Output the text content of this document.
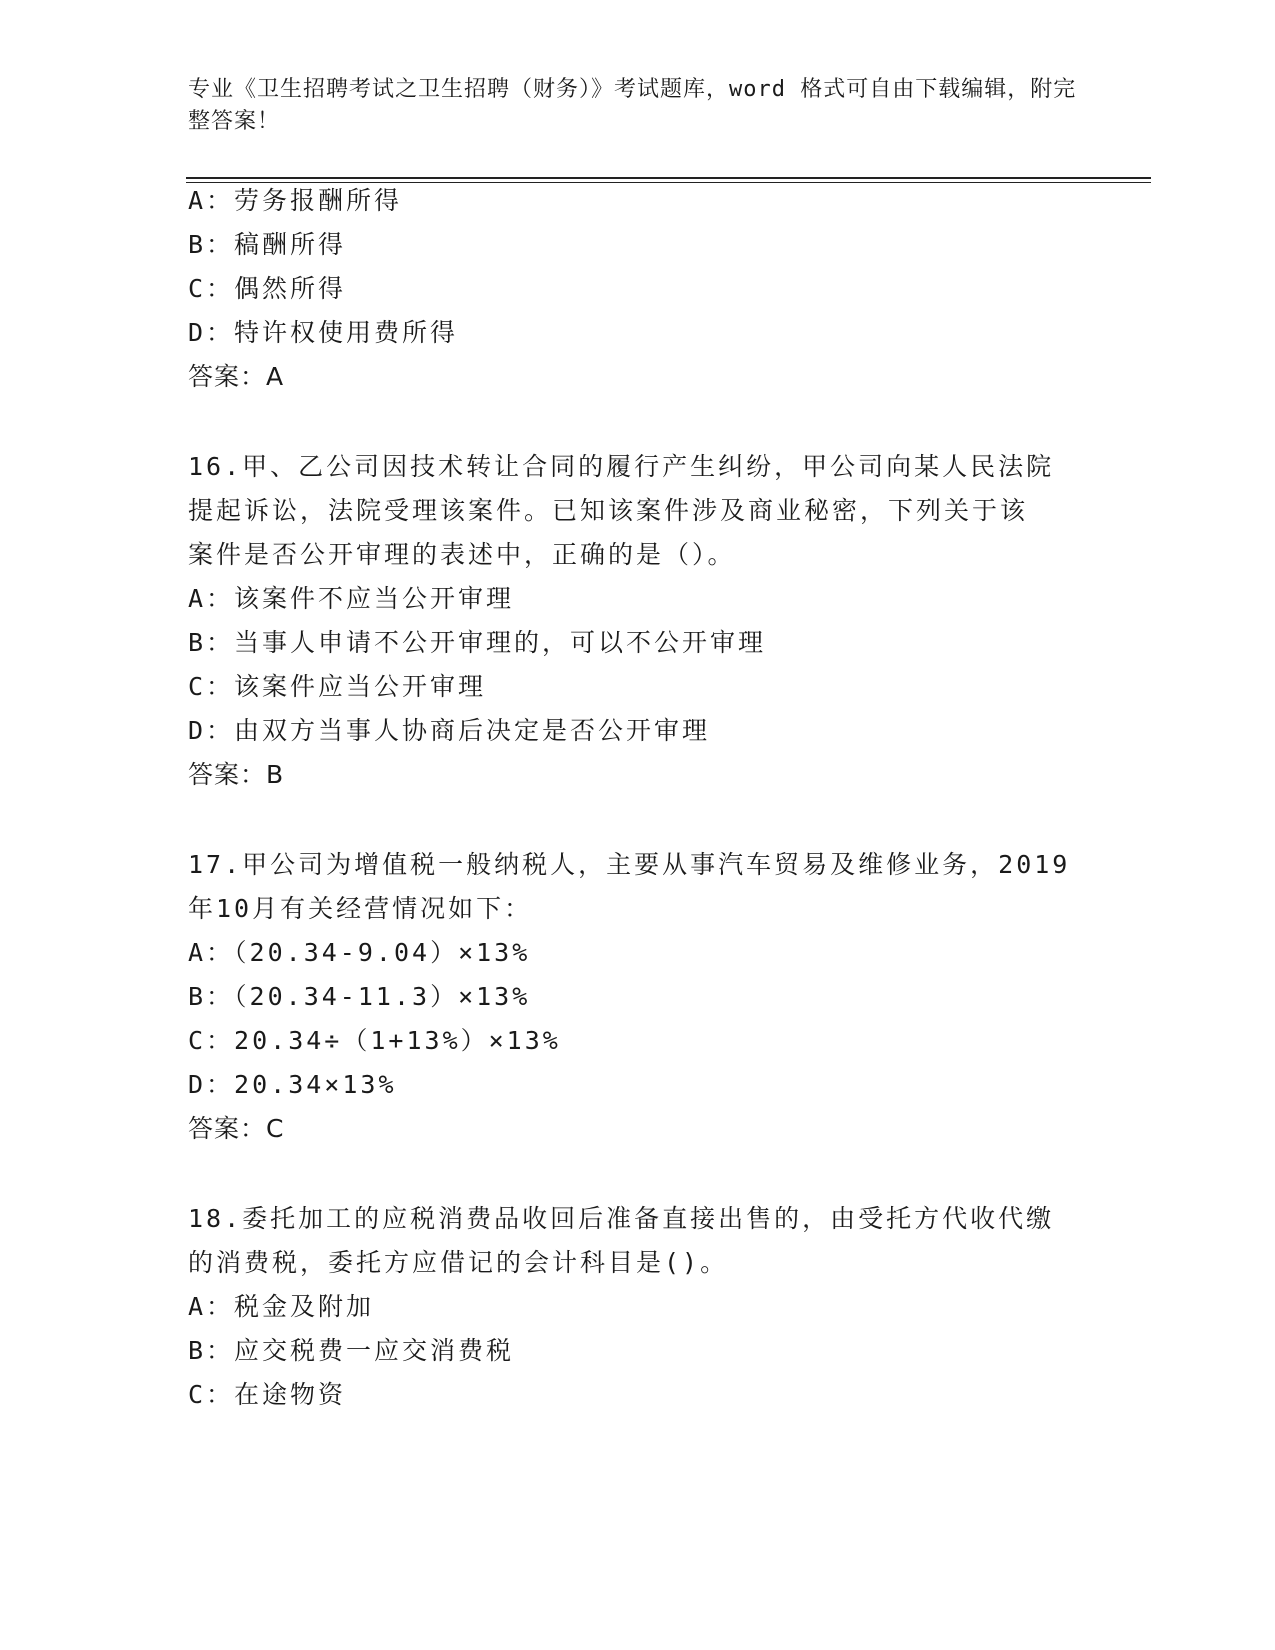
专业《卫生招聘考试之卫生招聘（财务）》考试题库，word 格式可自由下载编辑，附完整答案！
A：劳务报酬所得
B：稿酬所得
C：偶然所得
D：特许权使用费所得
答案：A
16.甲、乙公司因技术转让合同的履行产生纠纷，甲公司向某人民法院
提起诉讼，法院受理该案件。已知该案件涉及商业秘密，下列关于该
案件是否公开审理的表述中，正确的是（）。
A：该案件不应当公开审理
B：当事人申请不公开审理的，可以不公开审理
C：该案件应当公开审理
D：由双方当事人协商后决定是否公开审理
答案：B
17.甲公司为增值税一般纳税人，主要从事汽车贸易及维修业务，2019
年10月有关经营情况如下：
A：（20.34-9.04）×13%
B：（20.34-11.3）×13%
C：20.34÷（1+13%）×13%
D：20.34×13%
答案：C
18.委托加工的应税消费品收回后准备直接出售的，由受托方代收代缴
的消费税，委托方应借记的会计科目是()。
A：税金及附加
B：应交税费一应交消费税
C：在途物资
